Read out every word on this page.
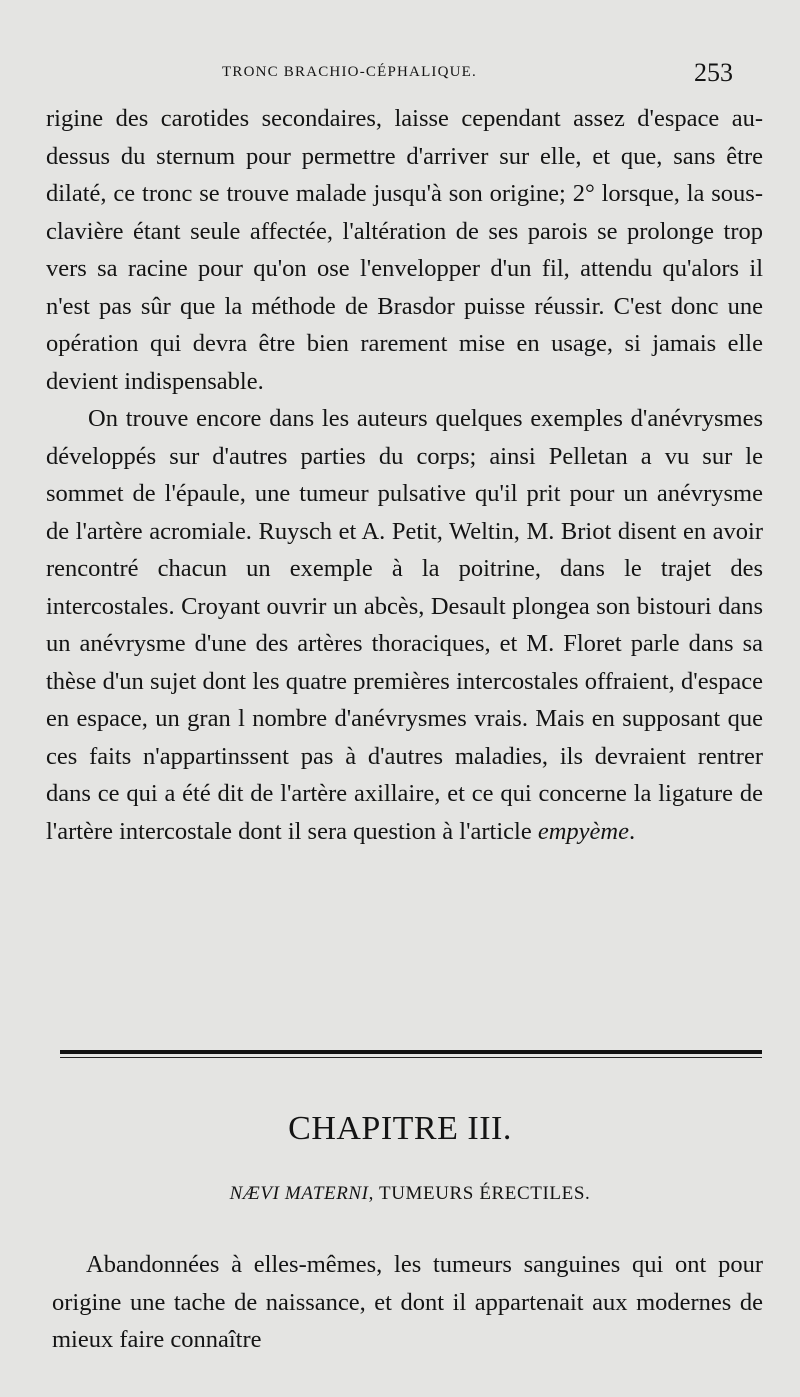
TRONC BRACHIO-CÉPHALIQUE.	253

rigine des carotides secondaires, laisse cependant assez d'espace au-dessus du sternum pour permettre d'arriver sur elle, et que, sans être dilaté, ce tronc se trouve malade jusqu'à son origine; 2° lorsque, la sous-clavière étant seule affectée, l'altération de ses parois se prolonge trop vers sa racine pour qu'on ose l'envelopper d'un fil, attendu qu'alors il n'est pas sûr que la méthode de Brasdor puisse réussir. C'est donc une opération qui devra être bien rarement mise en usage, si jamais elle devient indispensable.

On trouve encore dans les auteurs quelques exemples d'anévrysmes développés sur d'autres parties du corps; ainsi Pelletan a vu sur le sommet de l'épaule, une tumeur pulsative qu'il prit pour un anévrysme de l'artère acromiale. Ruysch et A. Petit, Weltin, M. Briot disent en avoir rencontré chacun un exemple à la poitrine, dans le trajet des intercostales. Croyant ouvrir un abcès, Desault plongea son bistouri dans un anévrysme d'une des artères thoraciques, et M. Floret parle dans sa thèse d'un sujet dont les quatre premières intercostales offraient, d'espace en espace, un gran l nombre d'anévrysmes vrais. Mais en supposant que ces faits n'appartinssent pas à d'autres maladies, ils devraient rentrer dans ce qui a été dit de l'artère axillaire, et ce qui concerne la ligature de l'artère intercostale dont il sera question à l'article empyème.

CHAPITRE III.
NÆVI MATERNI, TUMEURS ÉRECTILES.

Abandonnées à elles-mêmes, les tumeurs sanguines qui ont pour origine une tache de naissance, et dont il appartenait aux modernes de mieux faire connaître
